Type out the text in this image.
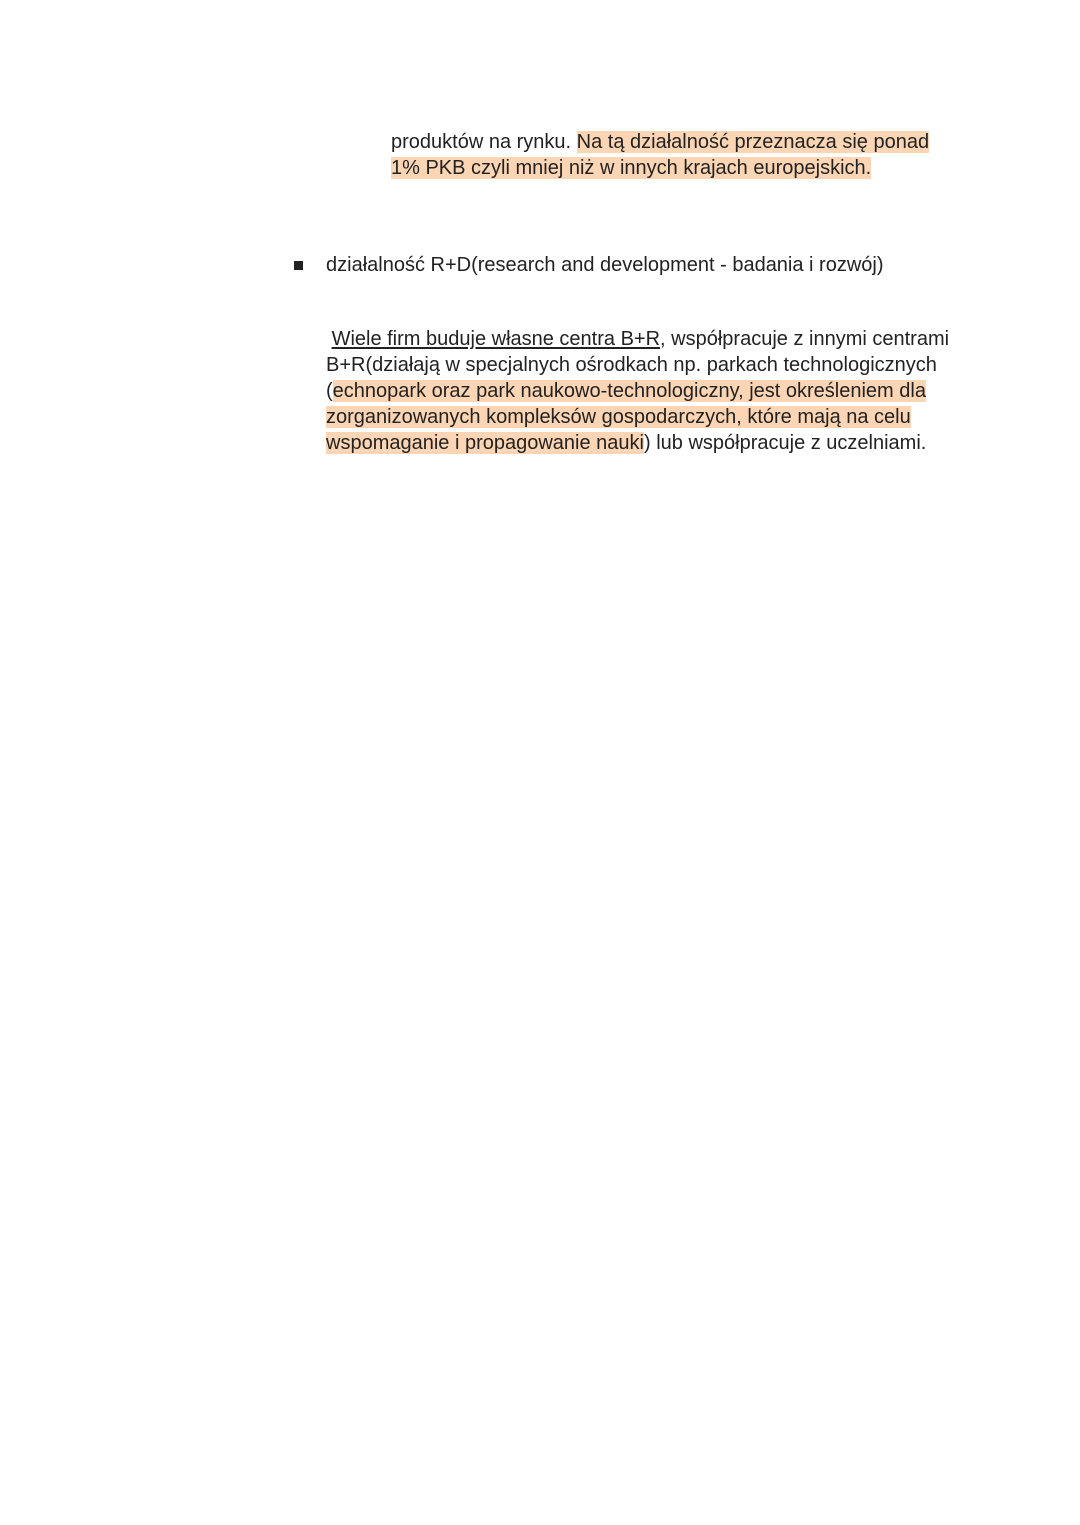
produktów na rynku. Na tą działalność przeznacza się ponad
1% PKB czyli mniej niż w innych krajach europejskich.
działalność R+D(research and development - badania i rozwój)
Wiele firm buduje własne centra B+R, współpracuje z innymi centrami
B+R(działają w specjalnych ośrodkach np. parkach technologicznych
(echnopark oraz park naukowo-technologiczny, jest określeniem dla
zorganizowanych kompleksów gospodarczych, które mają na celu
wspomaganie i propagowanie nauki) lub współpracuje z uczelniami.
